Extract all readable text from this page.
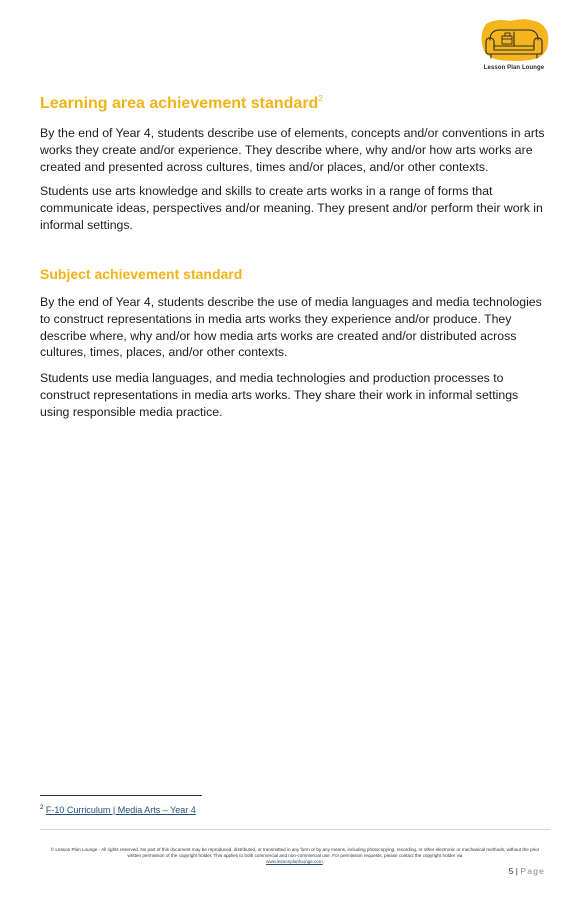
Lesson Plan Lounge
Learning area achievement standard$^2$

By the end of Year 4, students describe use of elements, concepts and/or conventions in arts works they create and/or experience. They describe where, why and/or how arts works are created and presented across cultures, times and/or places, and/or other contexts.

Students use arts knowledge and skills to create arts works in a range of forms that communicate ideas, perspectives and/or meaning. They present and/or perform their work in informal settings.

Subject achievement standard

By the end of Year 4, students describe the use of media languages and media technologies to construct representations in media arts works they experience and/or produce. They describe where, why and/or how media arts works are created and/or distributed across cultures, times, places, and/or other contexts.

Students use media languages, and media technologies and production processes to construct representations in media arts works. They share their work in informal settings using responsible media practice.

$^2$ F-10 Curriculum | Media Arts – Year 4
© Lesson Plan Lounge - All rights reserved. No part of this document may be reproduced, distributed, or transmitted in any form or by any means, including photocopying, recording, or other electronic or mechanical methods, without the prior written permission of the copyright holder. This applies to both commercial and non-commercial use. For permission requests, please contact the copyright holder via
www.lessonplanlounge.com.
5 | Page
